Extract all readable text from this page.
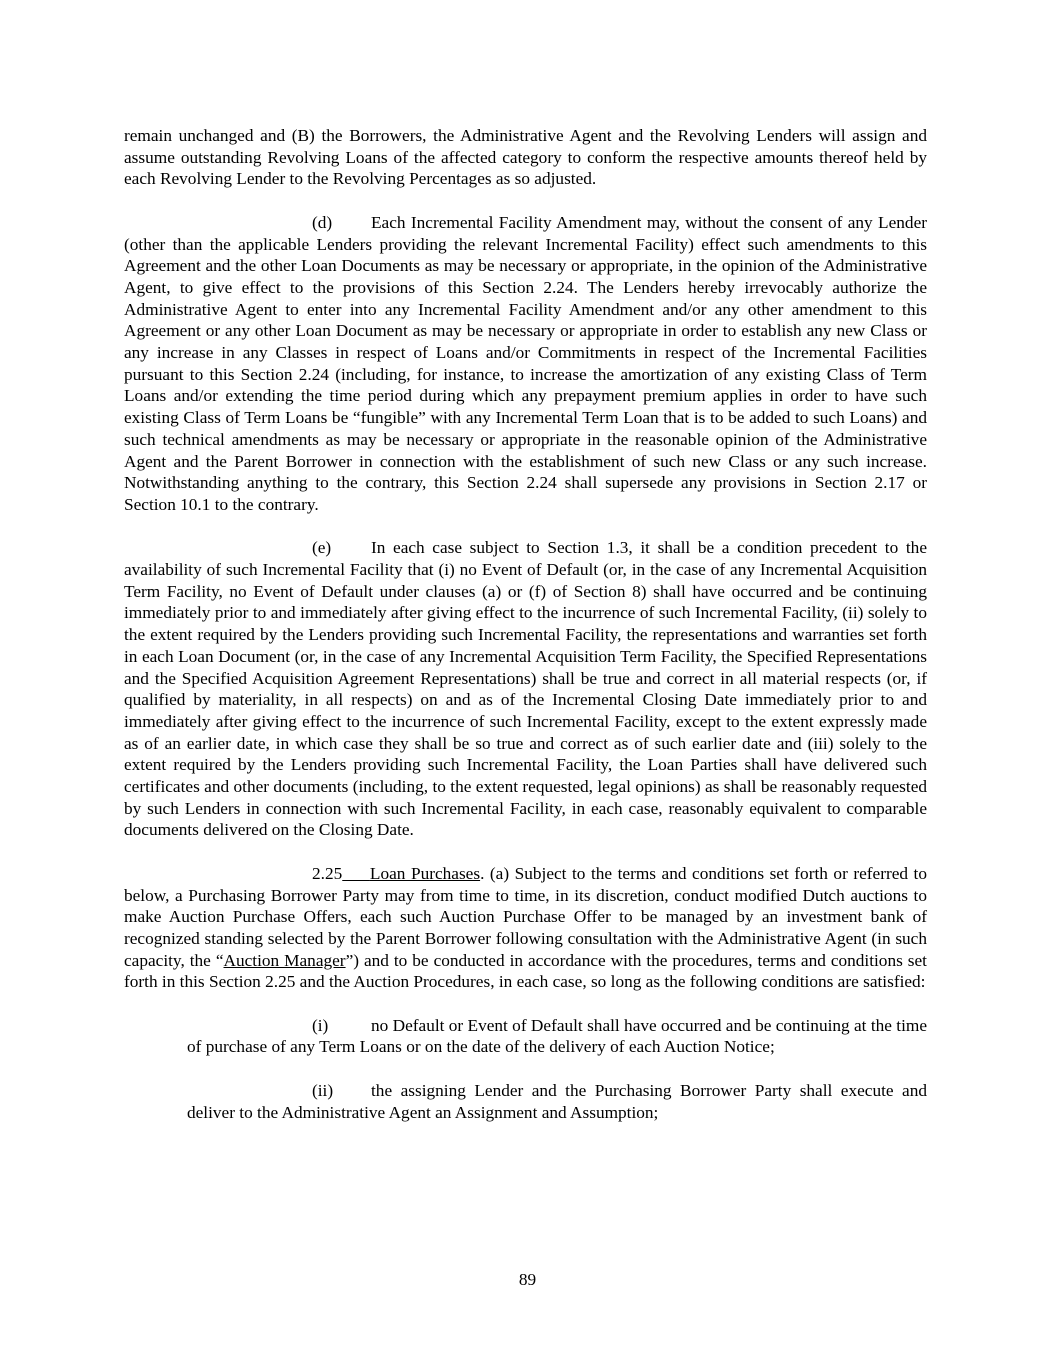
remain unchanged and (B) the Borrowers, the Administrative Agent and the Revolving Lenders will assign and assume outstanding Revolving Loans of the affected category to conform the respective amounts thereof held by each Revolving Lender to the Revolving Percentages as so adjusted.

(d) Each Incremental Facility Amendment may, without the consent of any Lender (other than the applicable Lenders providing the relevant Incremental Facility) effect such amendments to this Agreement and the other Loan Documents as may be necessary or appropriate, in the opinion of the Administrative Agent, to give effect to the provisions of this Section 2.24. The Lenders hereby irrevocably authorize the Administrative Agent to enter into any Incremental Facility Amendment and/or any other amendment to this Agreement or any other Loan Document as may be necessary or appropriate in order to establish any new Class or any increase in any Classes in respect of Loans and/or Commitments in respect of the Incremental Facilities pursuant to this Section 2.24 (including, for instance, to increase the amortization of any existing Class of Term Loans and/or extending the time period during which any prepayment premium applies in order to have such existing Class of Term Loans be “fungible” with any Incremental Term Loan that is to be added to such Loans) and such technical amendments as may be necessary or appropriate in the reasonable opinion of the Administrative Agent and the Parent Borrower in connection with the establishment of such new Class or any such increase. Notwithstanding anything to the contrary, this Section 2.24 shall supersede any provisions in Section 2.17 or Section 10.1 to the contrary.

(e) In each case subject to Section 1.3, it shall be a condition precedent to the availability of such Incremental Facility that (i) no Event of Default (or, in the case of any Incremental Acquisition Term Facility, no Event of Default under clauses (a) or (f) of Section 8) shall have occurred and be continuing immediately prior to and immediately after giving effect to the incurrence of such Incremental Facility, (ii) solely to the extent required by the Lenders providing such Incremental Facility, the representations and warranties set forth in each Loan Document (or, in the case of any Incremental Acquisition Term Facility, the Specified Representations and the Specified Acquisition Agreement Representations) shall be true and correct in all material respects (or, if qualified by materiality, in all respects) on and as of the Incremental Closing Date immediately prior to and immediately after giving effect to the incurrence of such Incremental Facility, except to the extent expressly made as of an earlier date, in which case they shall be so true and correct as of such earlier date and (iii) solely to the extent required by the Lenders providing such Incremental Facility, the Loan Parties shall have delivered such certificates and other documents (including, to the extent requested, legal opinions) as shall be reasonably requested by such Lenders in connection with such Incremental Facility, in each case, reasonably equivalent to comparable documents delivered on the Closing Date.

2.25 Loan Purchases. (a) Subject to the terms and conditions set forth or referred to below, a Purchasing Borrower Party may from time to time, in its discretion, conduct modified Dutch auctions to make Auction Purchase Offers, each such Auction Purchase Offer to be managed by an investment bank of recognized standing selected by the Parent Borrower following consultation with the Administrative Agent (in such capacity, the “Auction Manager”) and to be conducted in accordance with the procedures, terms and conditions set forth in this Section 2.25 and the Auction Procedures, in each case, so long as the following conditions are satisfied:

(i) no Default or Event of Default shall have occurred and be continuing at the time of purchase of any Term Loans or on the date of the delivery of each Auction Notice;

(ii) the assigning Lender and the Purchasing Borrower Party shall execute and deliver to the Administrative Agent an Assignment and Assumption;

89
